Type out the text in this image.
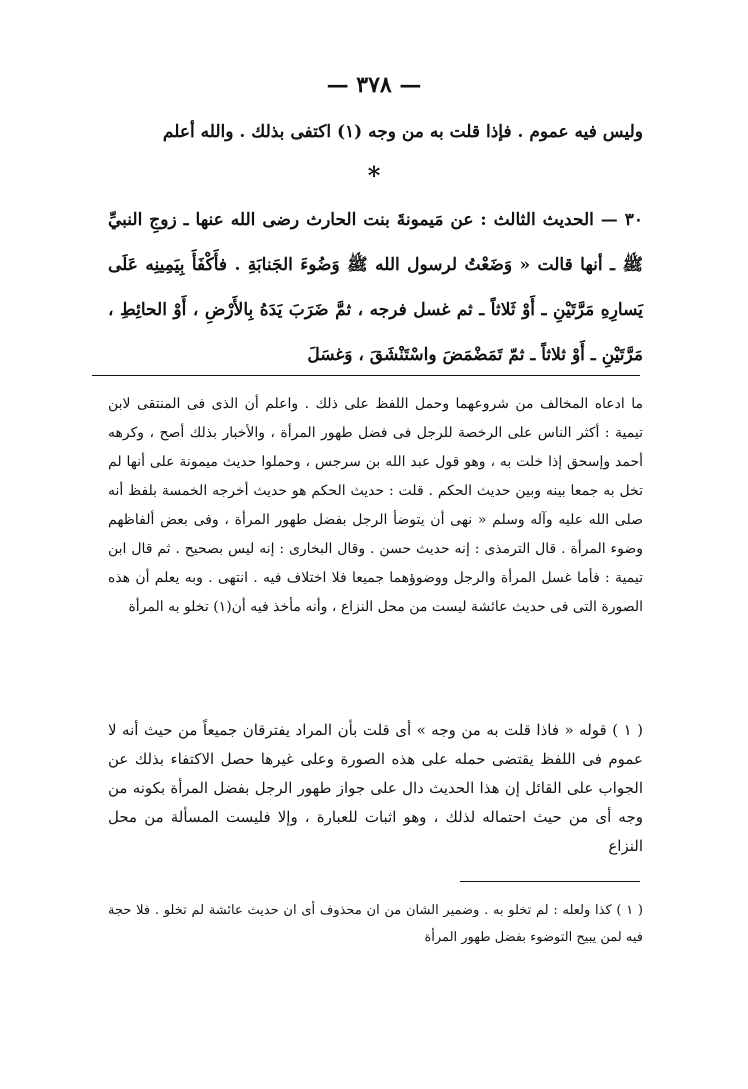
— ٣٧٨ —
وليس فيه عموم . فإذا قلت به من وجه (١) اكتفى بذلك . والله أعلم
*
٣٠ — الحديث الثالث : عن مَيمونةَ بنت الحارث رضى الله عنها ـ زوجِ النبيِّ ﷺ ـ أنها قالت « وَضَعْتُ لرسول الله ﷺ وَضُوءَ الجَنابَةِ . فأَكْفَأَ بِيَمِينِه عَلَى يَسارِهِ مَرَّتَيْنِ ـ أَوْ ثَلاثاً ـ ثم غسل فرجه ، ثمَّ ضَرَبَ يَدَهُ بِالأَرْضِ ، أَوْ الحائِطِ ، مَرَّتَيْنِ ـ أَوْ ثلاثاً ـ ثمّ تَمَضْمَضَ واسْتَنْشَقَ ، وَغسَلَ
ما ادعاه المخالف من شروعهما وحمل اللفظ على ذلك . واعلم أن الذى فى المنتقى لابن تيمية : أكثر الناس على الرخصة للرجل فى فضل طهور المرأة ، والأخبار بذلك أصح ، وكرهه أحمد وإسحق إذا خلت به ، وهو قول عبد الله بن سرجس ، وحملوا حديث ميمونة على أنها لم تخل به جمعا بينه وبين حديث الحكم . قلت : حديث الحكم هو حديث أخرجه الخمسة بلفظ أنه صلى الله عليه وآله وسلم « نهى أن يتوضأ الرجل بفضل طهور المرأة ، وفى بعض ألفاظهم وضوء المرأة . قال الترمذى : إنه حديث حسن . وقال البخارى : إنه ليس بصحيح . ثم قال ابن تيمية : فأما غسل المرأة والرجل ووضوؤهما جميعا فلا اختلاف فيه . انتهى . وبه يعلم أن هذه الصورة التى فى حديث عائشة ليست من محل النزاع ، وأنه مأخذ فيه أن(١) تخلو به المرأة
( ١ ) قوله « فاذا قلت به من وجه » أى قلت بأن المراد يفترقان جميعاً من حيث أنه لا عموم فى اللفظ يقتضى حمله على هذه الصورة وعلى غيرها حصل الاكتفاء بذلك عن الجواب على القائل إن هذا الحديث دال على جواز طهور الرجل بفضل المرأة بكونه من وجه أى من حيث احتماله لذلك ، وهو اثبات للعبارة ، وإلا فليست المسألة من محل النزاع
( ١ ) كذا ولعله : لم تخلو به . وضمير الشان من ان محذوف أى ان حديث عائشة لم تخلو . فلا حجة فيه لمن يبيح التوضوء بفضل طهور المرأة
